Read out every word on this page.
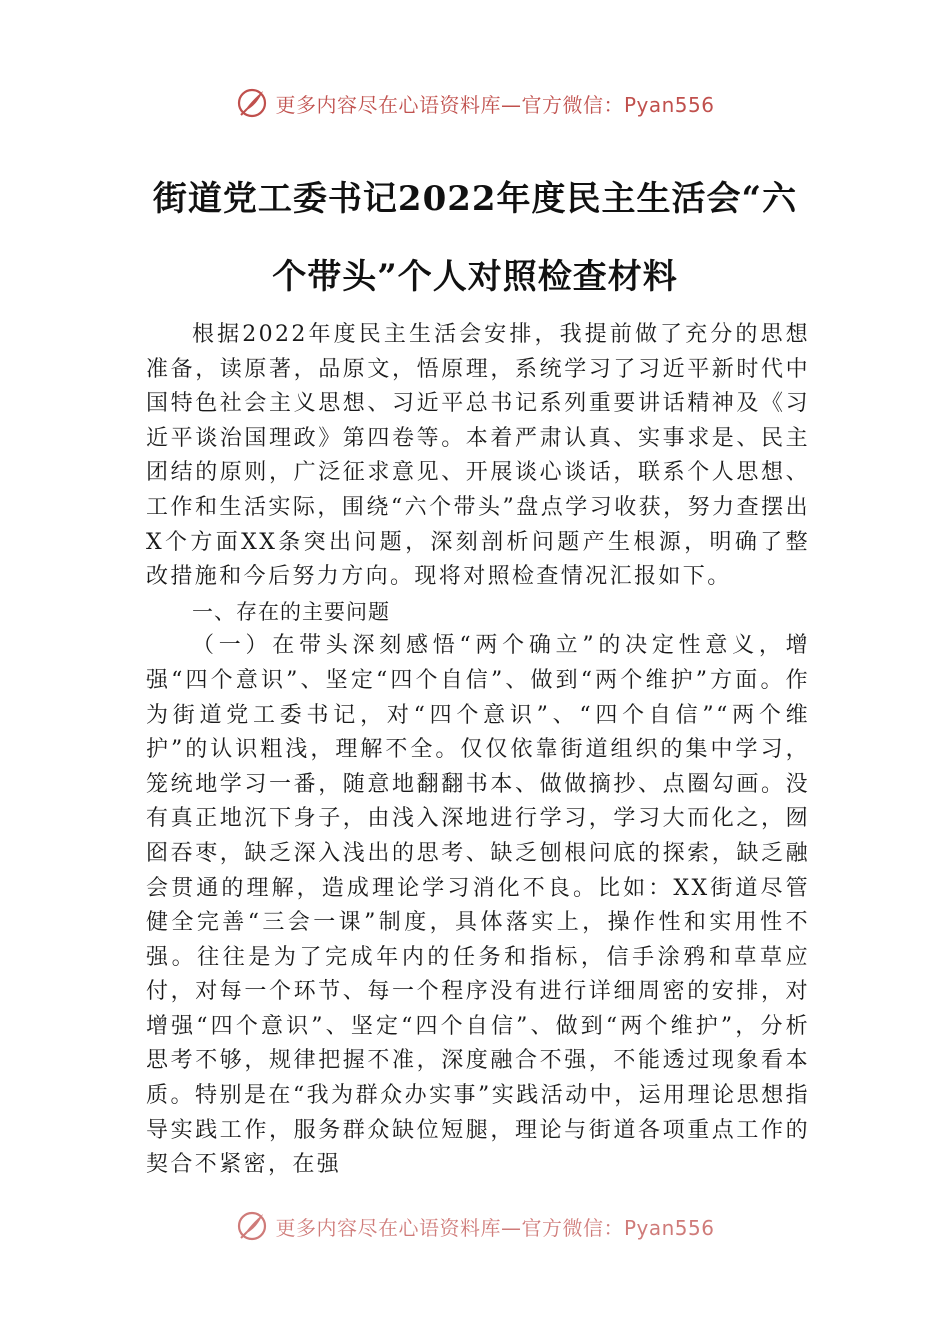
更多内容尽在心语资料库—官方微信：Pyan556
街道党工委书记2022年度民主生活会“六
个带头”个人对照检查材料

根据2022年度民主生活会安排，我提前做了充分的思想准备，读原著，品原文，悟原理，系统学习了习近平新时代中国特色社会主义思想、习近平总书记系列重要讲话精神及《习近平谈治国理政》第四卷等。本着严肃认真、实事求是、民主团结的原则，广泛征求意见、开展谈心谈话，联系个人思想、工作和生活实际，围绕“六个带头”盘点学习收获，努力查摆出X个方面XX条突出问题，深刻剖析问题产生根源，明确了整改措施和今后努力方向。现将对照检查情况汇报如下。

一、存在的主要问题

（一）在带头深刻感悟“两个确立”的决定性意义，增强“四个意识”、坚定“四个自信”、做到“两个维护”方面。作为街道党工委书记，对“四个意识”、“四个自信”“两个维护”的认识粗浅，理解不全。仅仅依靠街道组织的集中学习，笼统地学习一番，随意地翻翻书本、做做摘抄、点圈勾画。没有真正地沉下身子，由浅入深地进行学习，学习大而化之，囫囵吞枣，缺乏深入浅出的思考、缺乏刨根问底的探索，缺乏融会贯通的理解，造成理论学习消化不良。比如：XX街道尽管健全完善“三会一课”制度，具体落实上，操作性和实用性不强。往往是为了完成年内的任务和指标，信手涂鸦和草草应付，对每一个环节、每一个程序没有进行详细周密的安排，对增强“四个意识”、坚定“四个自信”、做到“两个维护”，分析思考不够，规律把握不准，深度融合不强，不能透过现象看本质。特别是在“我为群众办实事”实践活动中，运用理论思想指导实践工作，服务群众缺位短腿，理论与街道各项重点工作的契合不紧密，在强

更多内容尽在心语资料库—官方微信：Pyan556
